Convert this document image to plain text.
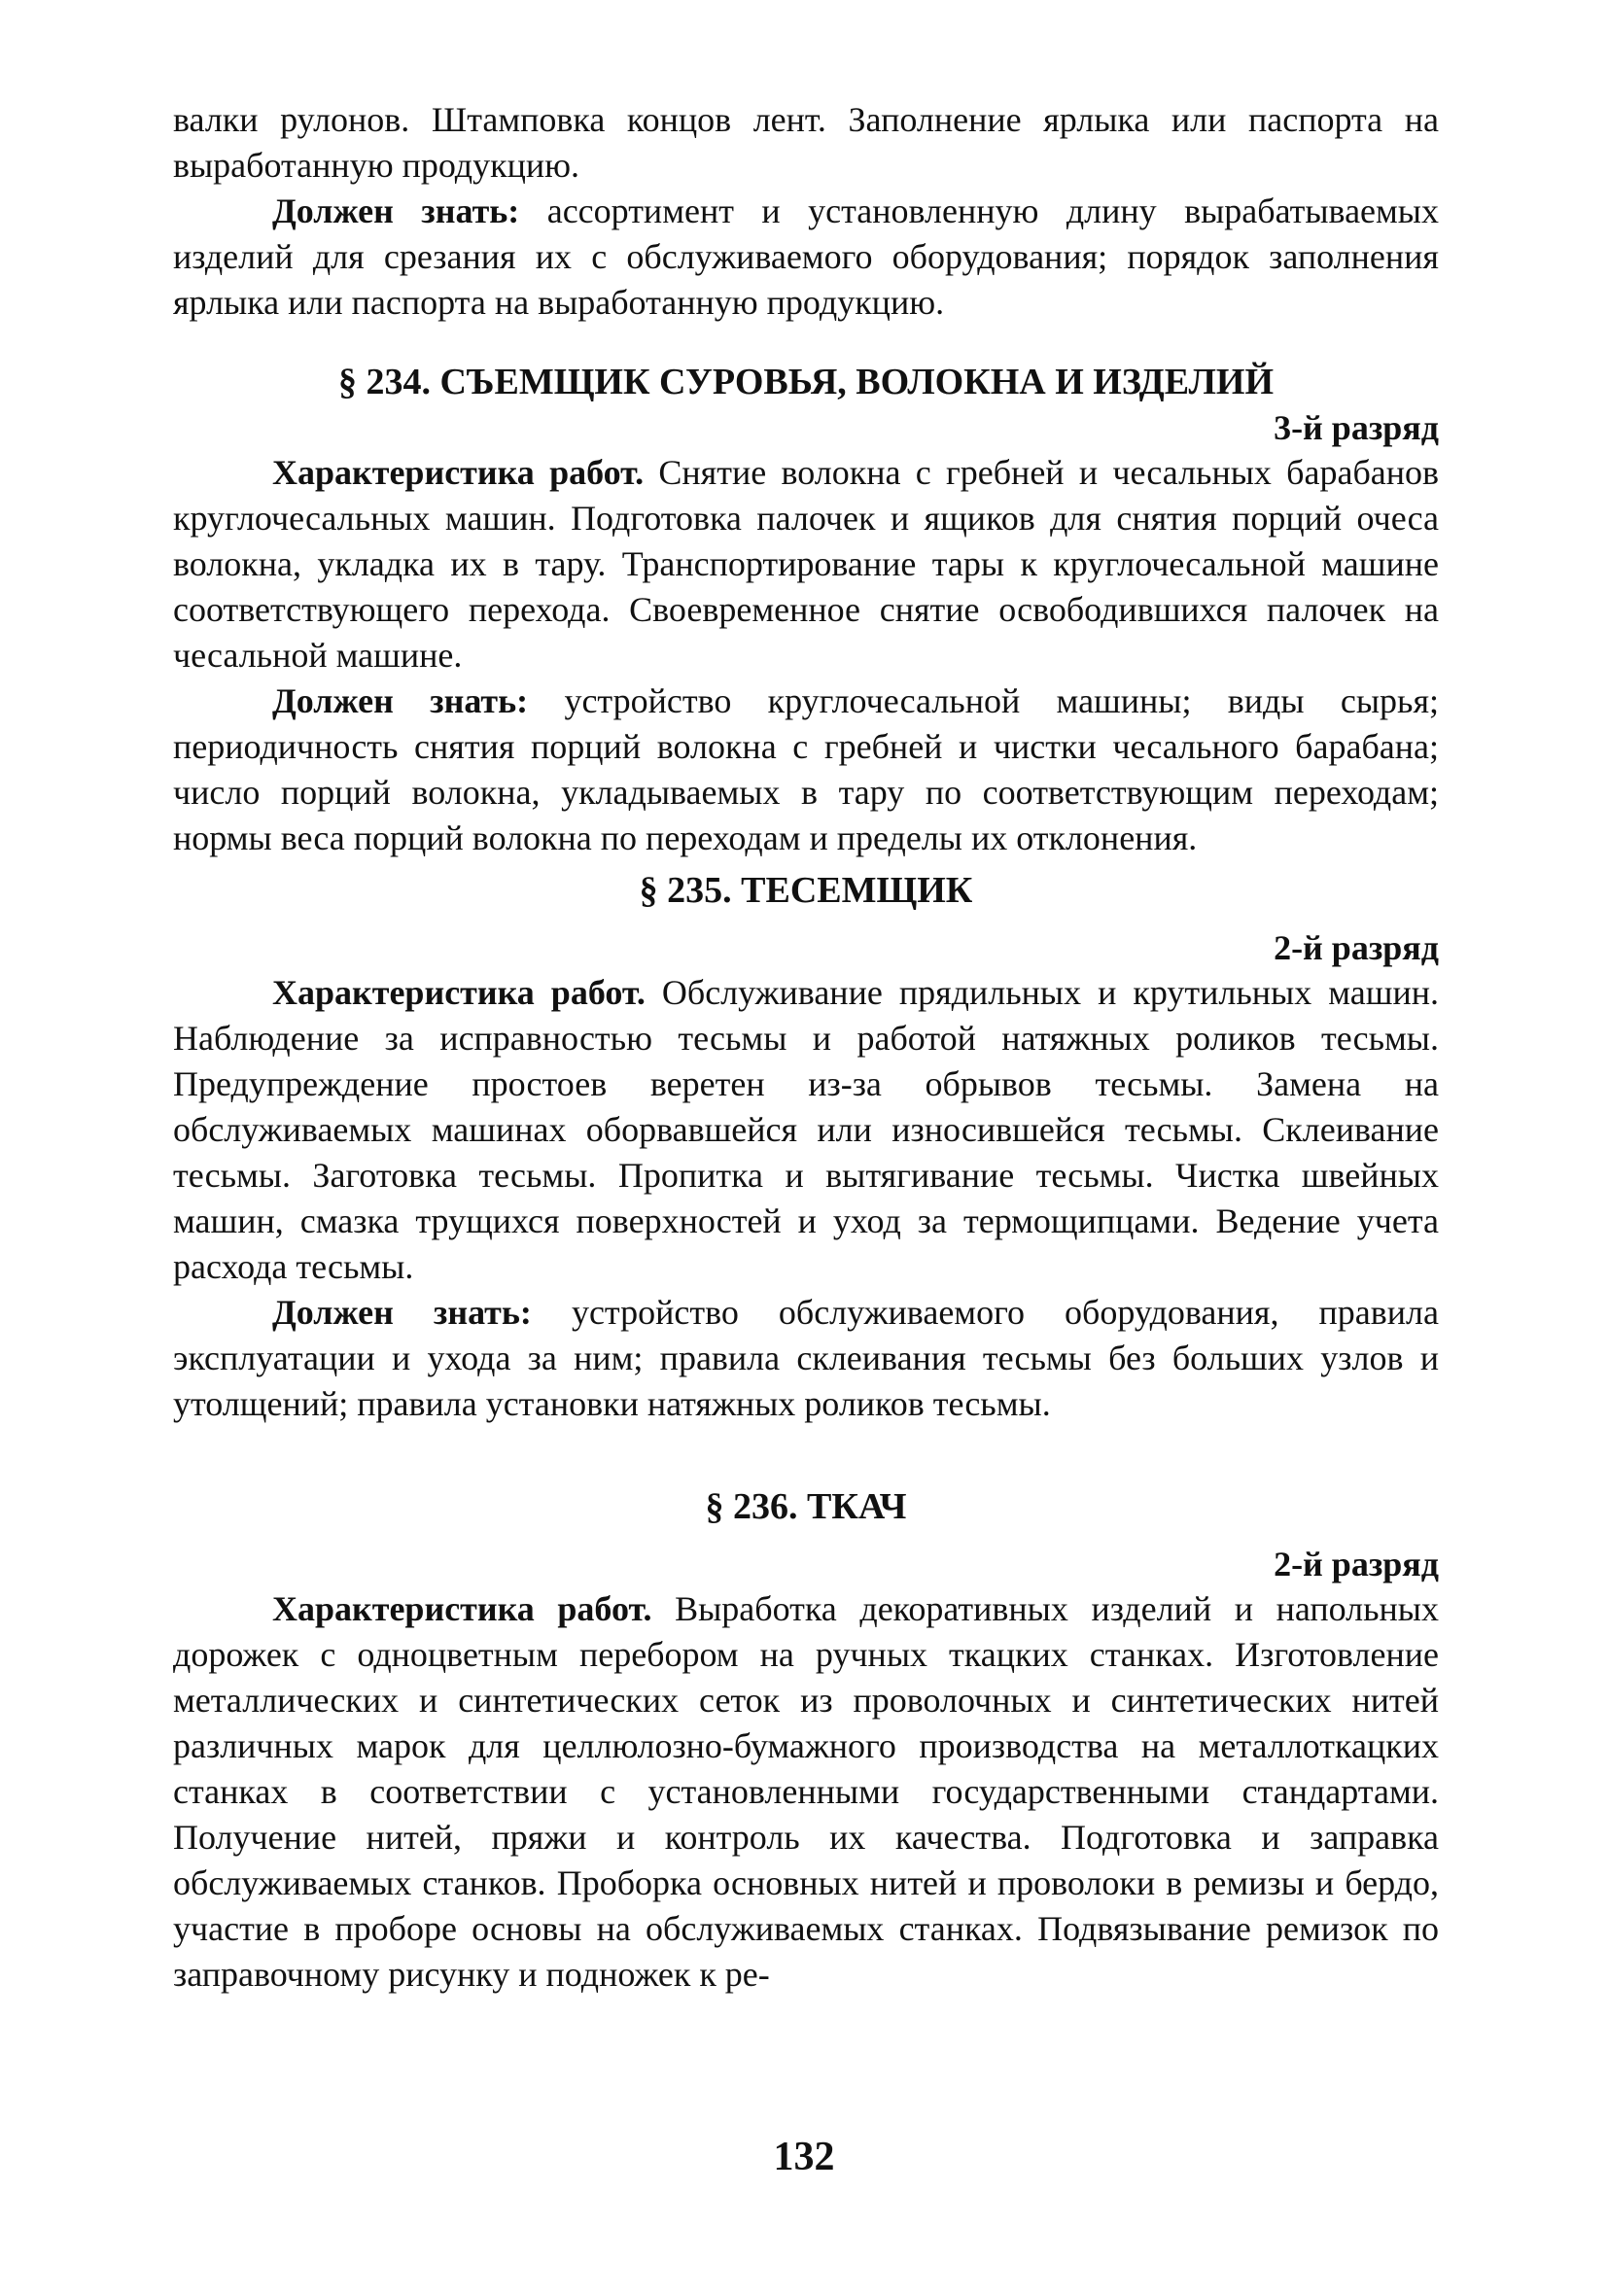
валки рулонов. Штамповка концов лент. Заполнение ярлыка или паспорта на выработанную продукцию.

Должен знать: ассортимент и установленную длину вырабатываемых изделий для срезания их с обслуживаемого оборудования; порядок заполнения ярлыка или паспорта на выработанную продукцию.

§ 234. СЪЕМЩИК СУРОВЬЯ, ВОЛОКНА И ИЗДЕЛИЙ

3-й разряд

Характеристика работ. Снятие волокна с гребней и чесальных барабанов круглочесальных машин. Подготовка палочек и ящиков для снятия порций очеса волокна, укладка их в тару. Транспортирование тары к круглочесальной машине соответствующего перехода. Своевременное снятие освободившихся палочек на чесальной машине.

Должен знать: устройство круглочесальной машины; виды сырья; периодичность снятия порций волокна с гребней и чистки чесального барабана; число порций волокна, укладываемых в тару по соответствующим переходам; нормы веса порций волокна по переходам и пределы их отклонения.

§ 235. ТЕСЕМЩИК

2-й разряд

Характеристика работ. Обслуживание прядильных и крутильных машин. Наблюдение за исправностью тесьмы и работой натяжных роликов тесьмы. Предупреждение простоев веретен из-за обрывов тесьмы. Замена на обслуживаемых машинах оборвавшейся или износившейся тесьмы. Склеивание тесьмы. Заготовка тесьмы. Пропитка и вытягивание тесьмы. Чистка швейных машин, смазка трущихся поверхностей и уход за термощипцами. Ведение учета расхода тесьмы.

Должен знать: устройство обслуживаемого оборудования, правила эксплуатации и ухода за ним; правила склеивания тесьмы без больших узлов и утолщений; правила установки натяжных роликов тесьмы.

§ 236. ТКАЧ

2-й разряд

Характеристика работ. Выработка декоративных изделий и напольных дорожек с одноцветным перебором на ручных ткацких станках. Изготовление металлических и синтетических сеток из проволочных и синтетических нитей различных марок для целлюлозно-бумажного производства на металлоткацких станках в соответствии с установленными государственными стандартами. Получение нитей, пряжи и контроль их качества. Подготовка и заправка обслуживаемых станков. Проборка основных нитей и проволоки в ремизы и бердо, участие в проборе основы на обслуживаемых станках. Подвязывание ремизок по заправочному рисунку и подножек к ре-

132
